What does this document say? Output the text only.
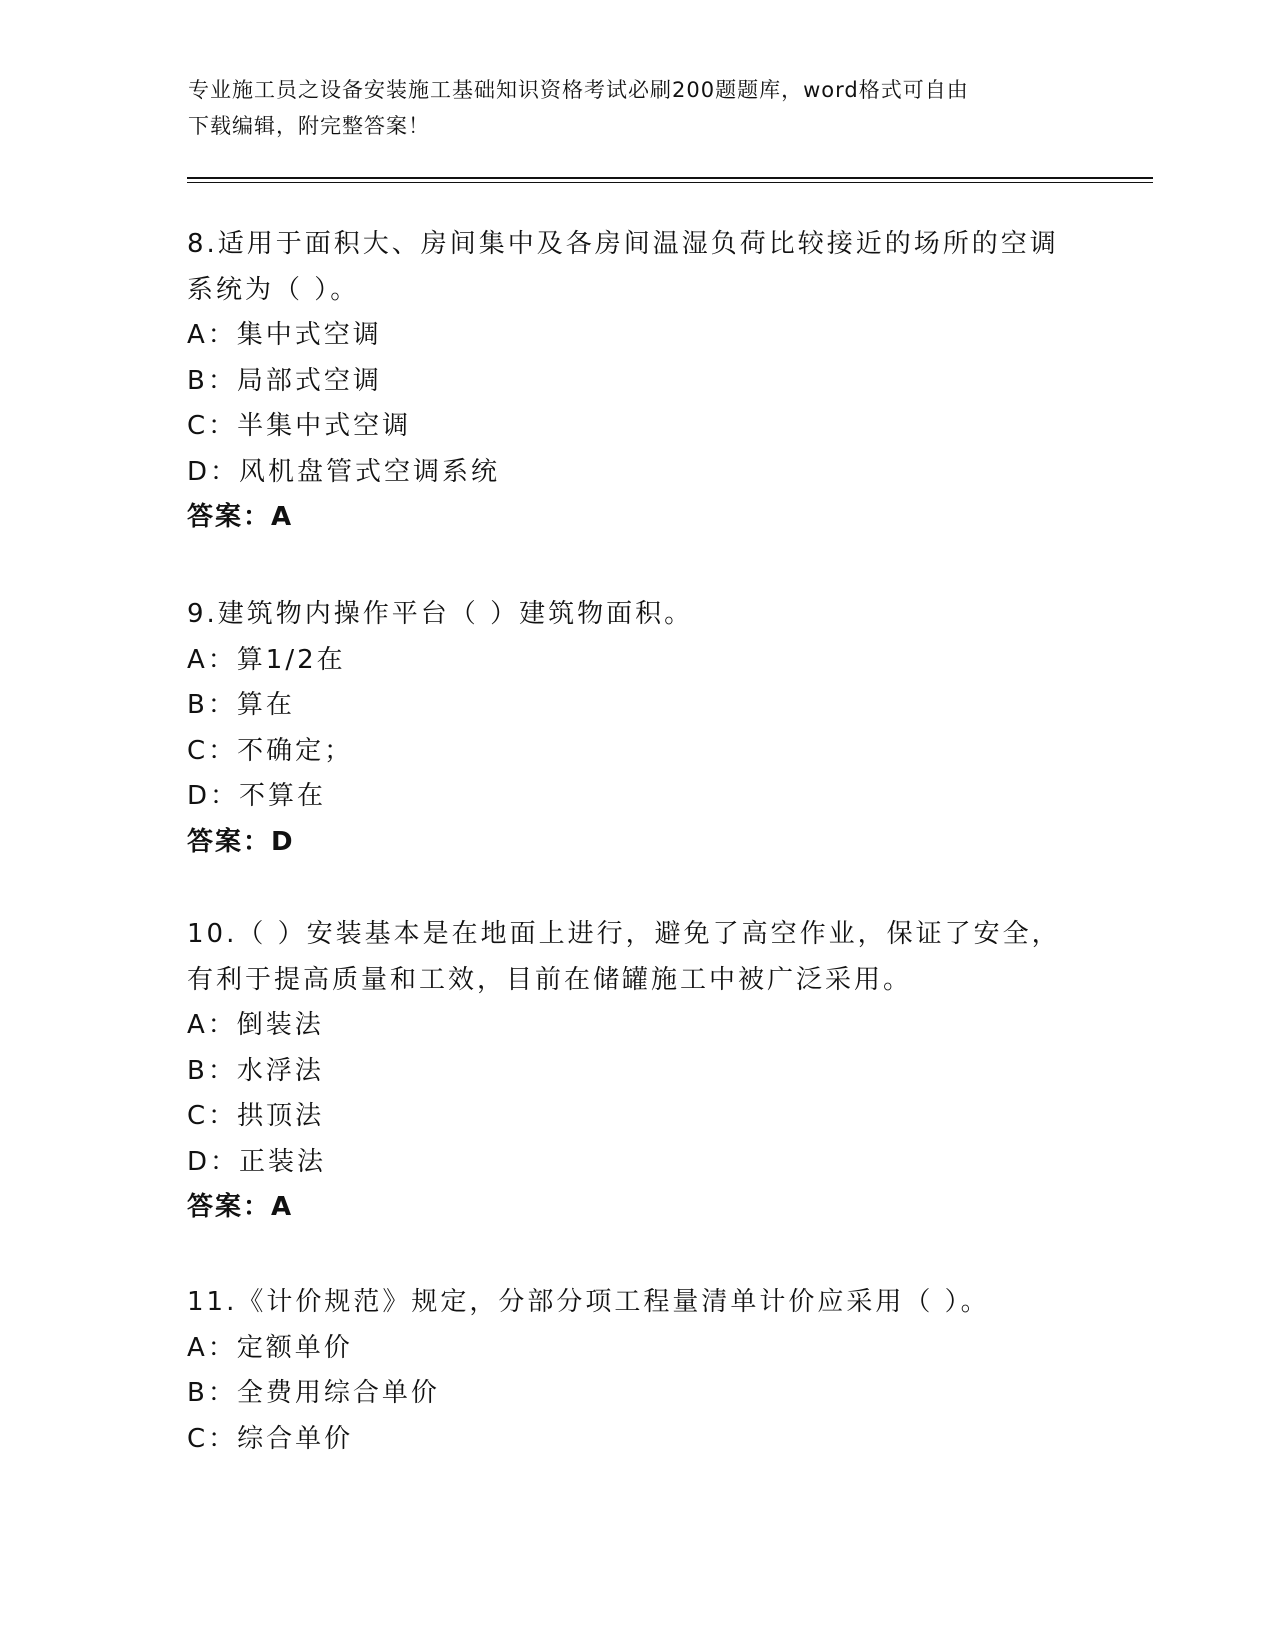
专业施工员之设备安装施工基础知识资格考试必刷200题题库，word格式可自由
下载编辑，附完整答案！
8.适用于面积大、房间集中及各房间温湿负荷比较接近的场所的空调
系统为（ ）。
A：集中式空调
B：局部式空调
C：半集中式空调
D：风机盘管式空调系统
答案：A
9.建筑物内操作平台（ ）建筑物面积。
A：算1/2在
B：算在
C：不确定；
D：不算在
答案：D
10.（ ）安装基本是在地面上进行，避免了高空作业，保证了安全，
有利于提高质量和工效，目前在储罐施工中被广泛采用。
A：倒装法
B：水浮法
C：拱顶法
D：正装法
答案：A
11.《计价规范》规定，分部分项工程量清单计价应采用（ ）。
A：定额单价
B：全费用综合单价
C：综合单价
